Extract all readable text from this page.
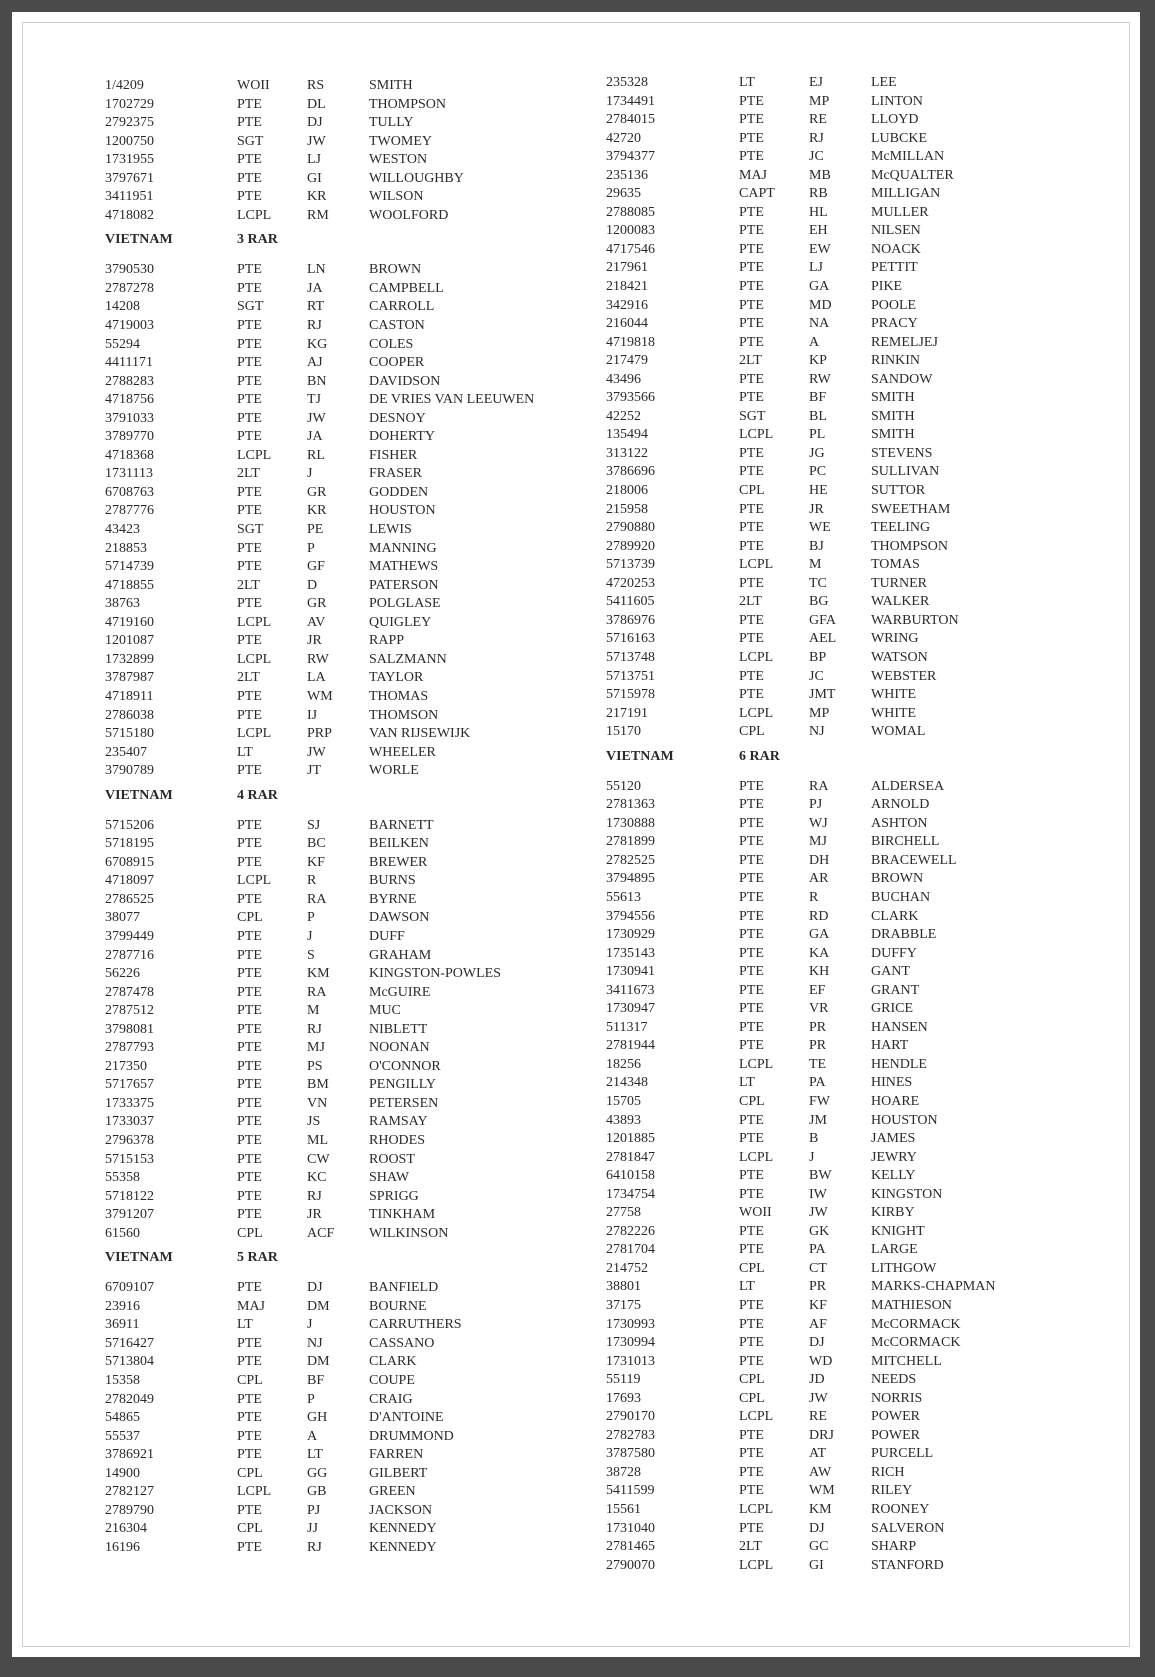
1/4209	WOII	RS	SMITH
1702729	PTE	DL	THOMPSON
2792375	PTE	DJ	TULLY
1200750	SGT	JW	TWOMEY
1731955	PTE	LJ	WESTON
3797671	PTE	GI	WILLOUGHBY
3411951	PTE	KR	WILSON
4718082	LCPL	RM	WOOLFORD
VIETNAM	3 RAR
3790530	PTE	LN	BROWN
2787278	PTE	JA	CAMPBELL
14208	SGT	RT	CARROLL
4719003	PTE	RJ	CASTON
55294	PTE	KG	COLES
4411171	PTE	AJ	COOPER
2788283	PTE	BN	DAVIDSON
4718756	PTE	TJ	DE VRIES VAN LEEUWEN
3791033	PTE	JW	DESNOY
3789770	PTE	JA	DOHERTY
4718368	LCPL	RL	FISHER
1731113	2LT	J	FRASER
6708763	PTE	GR	GODDEN
2787776	PTE	KR	HOUSTON
43423	SGT	PE	LEWIS
218853	PTE	P	MANNING
5714739	PTE	GF	MATHEWS
4718855	2LT	D	PATERSON
38763	PTE	GR	POLGLASE
4719160	LCPL	AV	QUIGLEY
1201087	PTE	JR	RAPP
1732899	LCPL	RW	SALZMANN
3787987	2LT	LA	TAYLOR
4718911	PTE	WM	THOMAS
2786038	PTE	IJ	THOMSON
5715180	LCPL	PRP	VAN RIJSEWIJK
235407	LT	JW	WHEELER
3790789	PTE	JT	WORLE
VIETNAM	4 RAR
5715206	PTE	SJ	BARNETT
5718195	PTE	BC	BEILKEN
6708915	PTE	KF	BREWER
4718097	LCPL	R	BURNS
2786525	PTE	RA	BYRNE
38077	CPL	P	DAWSON
3799449	PTE	J	DUFF
2787716	PTE	S	GRAHAM
56226	PTE	KM	KINGSTON-POWLES
2787478	PTE	RA	McGUIRE
2787512	PTE	M	MUC
3798081	PTE	RJ	NIBLETT
2787793	PTE	MJ	NOONAN
217350	PTE	PS	O'CONNOR
5717657	PTE	BM	PENGILLY
1733375	PTE	VN	PETERSEN
1733037	PTE	JS	RAMSAY
2796378	PTE	ML	RHODES
5715153	PTE	CW	ROOST
55358	PTE	KC	SHAW
5718122	PTE	RJ	SPRIGG
3791207	PTE	JR	TINKHAM
61560	CPL	ACF WILKINSON
VIETNAM	5 RAR
6709107	PTE	DJ	BANFIELD
23916	MAJ	DM	BOURNE
36911	LT	J	CARRUTHERS
5716427	PTE	NJ	CASSANO
5713804	PTE	DM	CLARK
15358	CPL	BF	COUPE
2782049	PTE	P	CRAIG
54865	PTE	GH	D'ANTOINE
55537	PTE	A	DRUMMOND
3786921	PTE	LT	FARREN
14900	CPL	GG	GILBERT
2782127	LCPL	GB	GREEN
2789790	PTE	PJ	JACKSON
216304	CPL	JJ	KENNEDY
16196	PTE	RJ	KENNEDY
235328	LT	EJ	LEE
1734491	PTE	MP	LINTON
2784015	PTE	RE	LLOYD
42720	PTE	RJ	LUBCKE
3794377	PTE	JC	McMILLAN
235136	MAJ	MB	McQUALTER
29635	CAPT RB	MILLIGAN
2788085	PTE	HL	MULLER
1200083	PTE	EH	NILSEN
4717546	PTE	EW	NOACK
217961	PTE	LJ	PETTIT
218421	PTE	GA	PIKE
342916	PTE	MD	POOLE
216044	PTE	NA	PRACY
4719818	PTE	A	REMELJEJ
217479	2LT	KP	RINKIN
43496	PTE	RW	SANDOW
3793566	PTE	BF	SMITH
42252	SGT	BL	SMITH
135494	LCPL	PL	SMITH
313122	PTE	JG	STEVENS
3786696	PTE	PC	SULLIVAN
218006	CPL	HE	SUTTOR
215958	PTE	JR	SWEETHAM
2790880	PTE	WE	TEELING
2789920	PTE	BJ	THOMPSON
5713739	LCPL	M	TOMAS
4720253	PTE	TC	TURNER
5411605	2LT	BG	WALKER
3786976	PTE	GFA	WARBURTON
5716163	PTE	AEL WRING
5713748	LCPL	BP	WATSON
5713751	PTE	JC	WEBSTER
5715978	PTE	JMT	WHITE
217191	LCPL	MP	WHITE
15170	CPL	NJ	WOMAL
VIETNAM	6 RAR
55120	PTE	RA	ALDERSEA
2781363	PTE	PJ	ARNOLD
1730888	PTE	WJ	ASHTON
2781899	PTE	MJ	BIRCHELL
2782525	PTE	DH	BRACEWELL
3794895	PTE	AR	BROWN
55613	PTE	R	BUCHAN
3794556	PTE	RD	CLARK
1730929	PTE	GA	DRABBLE
1735143	PTE	KA	DUFFY
1730941	PTE	KH	GANT
3411673	PTE	EF	GRANT
1730947	PTE	VR	GRICE
511317	PTE	PR	HANSEN
2781944	PTE	PR	HART
18256	LCPL	TE	HENDLE
214348	LT	PA	HINES
15705	CPL	FW	HOARE
43893	PTE	JM	HOUSTON
1201885	PTE	B	JAMES
2781847	LCPL	J	JEWRY
6410158	PTE	BW	KELLY
1734754	PTE	IW	KINGSTON
27758	WOII	JW	KIRBY
2782226	PTE	GK	KNIGHT
2781704	PTE	PA	LARGE
214752	CPL	CT	LITHGOW
38801	LT	PR	MARKS-CHAPMAN
37175	PTE	KF	MATHIESON
1730993	PTE	AF	McCORMACK
1730994	PTE	DJ	McCORMACK
1731013	PTE	WD	MITCHELL
55119	CPL	JD	NEEDS
17693	CPL	JW	NORRIS
2790170	LCPL	RE	POWER
2782783	PTE	DRJ	POWER
3787580	PTE	AT	PURCELL
38728	PTE	AW	RICH
5411599	PTE	WM	RILEY
15561	LCPL	KM	ROONEY
1731040	PTE	DJ	SALVERON
2781465	2LT	GC	SHARP
2790070	LCPL	GI	STANFORD
